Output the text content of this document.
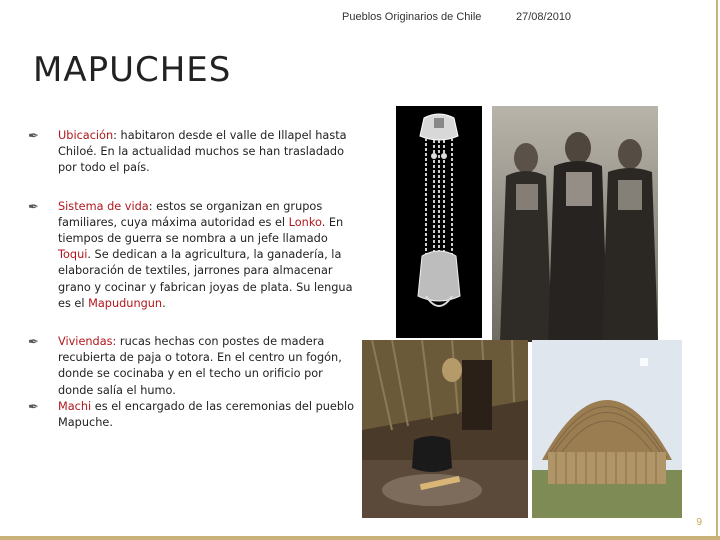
Pueblos Originarios de Chile	27/08/2010
MAPUCHES
✒ Ubicación: habitaron desde el valle de Illapel hasta Chiloé. En la actualidad muchos se han trasladado por todo el país.
✒ Sistema de vida: estos se organizan en grupos familiares, cuya máxima autoridad es el Lonko. En tiempos de guerra se nombra a un jefe llamado Toqui. Se dedican a la agricultura, la ganadería, la elaboración de textiles, jarrones para almacenar grano y cocinar y fabrican joyas de plata. Su lengua es el Mapudungun.
✒ Viviendas: rucas hechas con postes de madera recubierta de paja o totora. En el centro un fogón, donde se cocinaba y en el techo un orificio por donde salía el humo.
✒ Machi es el encargado de las ceremonias del pueblo Mapuche.
9
